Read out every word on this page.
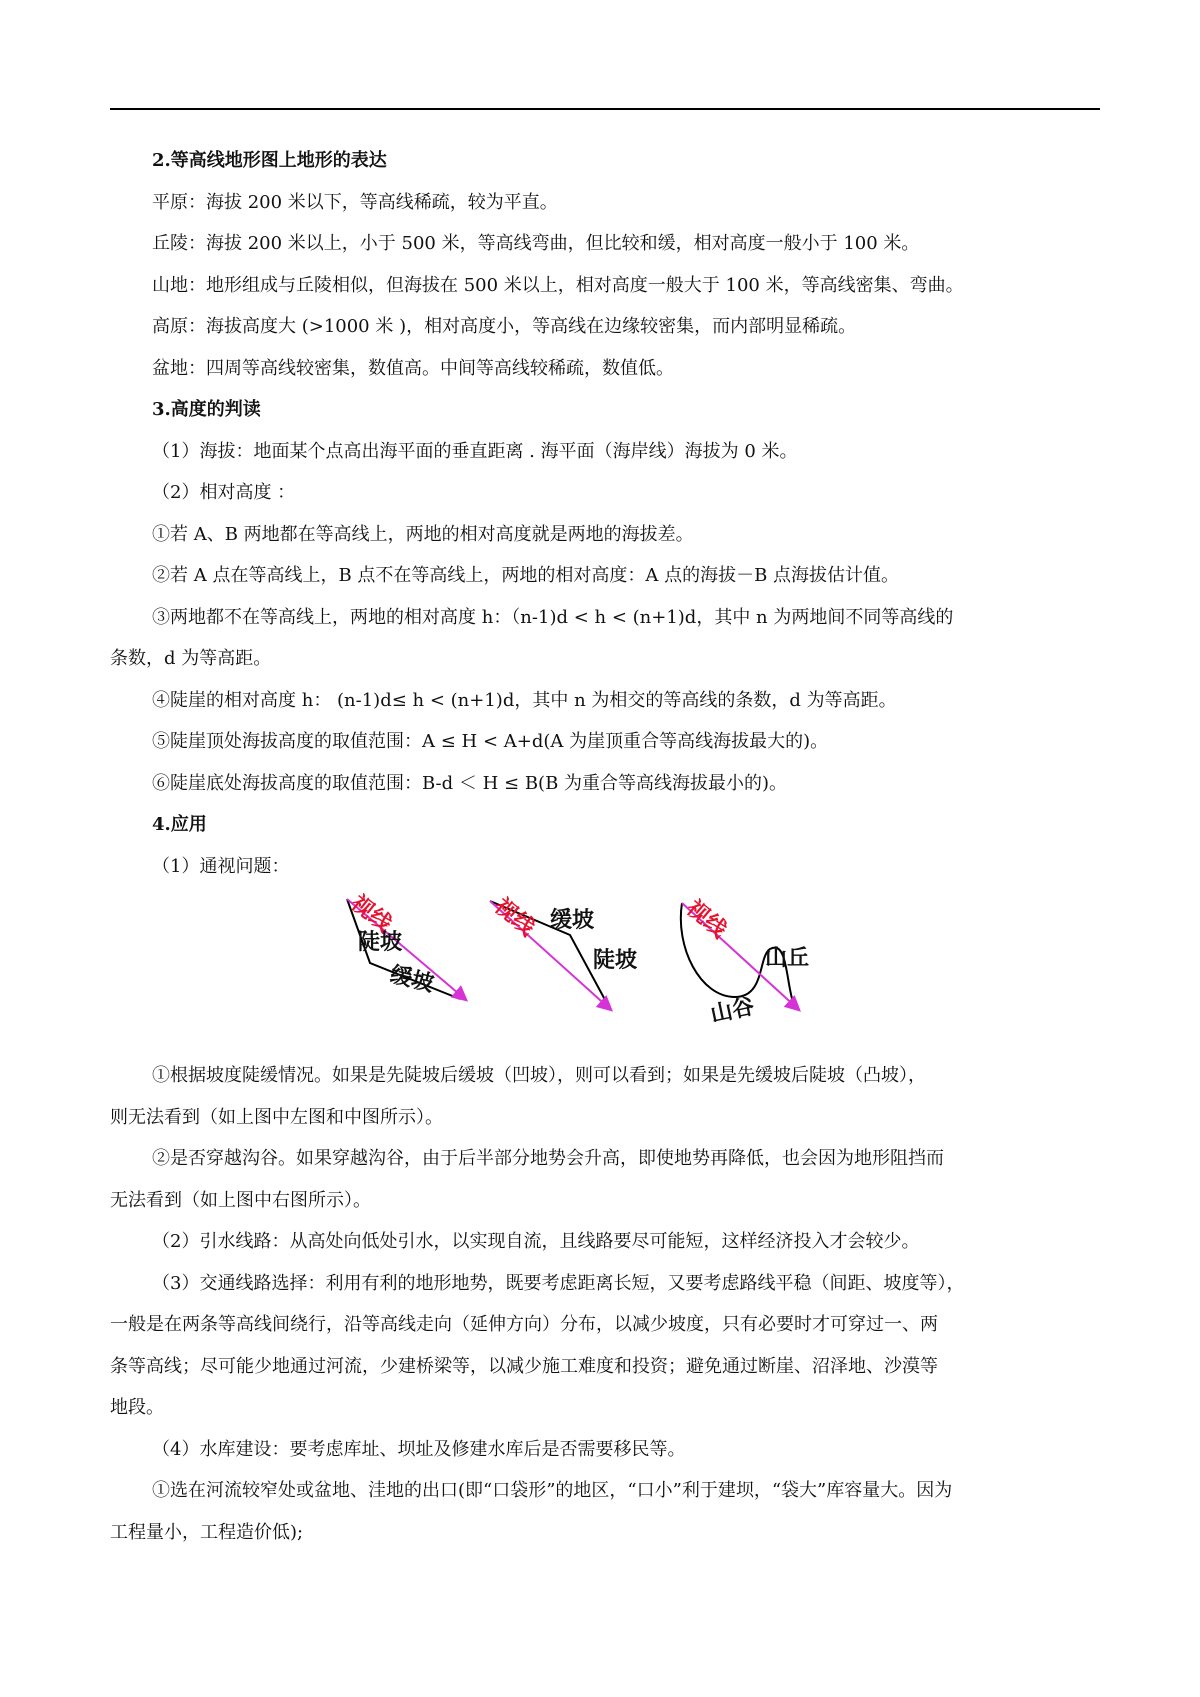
2.等高线地形图上地形的表达
平原：海拔 200 米以下，等高线稀疏，较为平直。
丘陵：海拔 200 米以上，小于 500 米，等高线弯曲，但比较和缓，相对高度一般小于 100 米。
山地：地形组成与丘陵相似，但海拔在 500 米以上，相对高度一般大于 100 米，等高线密集、弯曲。
高原：海拔高度大 (>1000 米 )，相对高度小，等高线在边缘较密集，而内部明显稀疏。
盆地：四周等高线较密集，数值高。中间等高线较稀疏，数值低。
3.高度的判读
（1）海拔：地面某个点高出海平面的垂直距离 . 海平面（海岸线）海拔为 0 米。
（2）相对高度 ：
①若 A、B 两地都在等高线上，两地的相对高度就是两地的海拔差。
②若 A 点在等高线上，B 点不在等高线上，两地的相对高度：A 点的海拔－B 点海拔估计值。
③两地都不在等高线上，两地的相对高度 h：（n-1)d < h < (n+1)d，其中 n 为两地间不同等高线的
条数，d 为等高距。
④陡崖的相对高度 h： (n-1)d≤ h < (n+1)d，其中 n 为相交的等高线的条数，d 为等高距。
⑤陡崖顶处海拔高度的取值范围：A ≤ H < A+d(A 为崖顶重合等高线海拔最大的)。
⑥陡崖底处海拔高度的取值范围：B-d ＜ H ≤ B(B 为重合等高线海拔最小的)。
4.应用
（1）通视问题：
视线
陡坡
缓坡
视线 缓坡
陡坡
视线
山丘
山谷
①根据坡度陡缓情况。如果是先陡坡后缓坡（凹坡），则可以看到；如果是先缓坡后陡坡（凸坡），
则无法看到（如上图中左图和中图所示）。
②是否穿越沟谷。如果穿越沟谷，由于后半部分地势会升高，即使地势再降低，也会因为地形阻挡而
无法看到（如上图中右图所示）。
（2）引水线路：从高处向低处引水，以实现自流，且线路要尽可能短，这样经济投入才会较少。
（3）交通线路选择：利用有利的地形地势，既要考虑距离长短，又要考虑路线平稳（间距、坡度等），
一般是在两条等高线间绕行，沿等高线走向（延伸方向）分布，以减少坡度，只有必要时才可穿过一、两
条等高线；尽可能少地通过河流，少建桥梁等，以减少施工难度和投资；避免通过断崖、沼泽地、沙漠等
地段。
（4）水库建设：要考虑库址、坝址及修建水库后是否需要移民等。
①选在河流较窄处或盆地、洼地的出口(即“口袋形”的地区，“口小”利于建坝，“袋大”库容量大。因为
工程量小，工程造价低);
